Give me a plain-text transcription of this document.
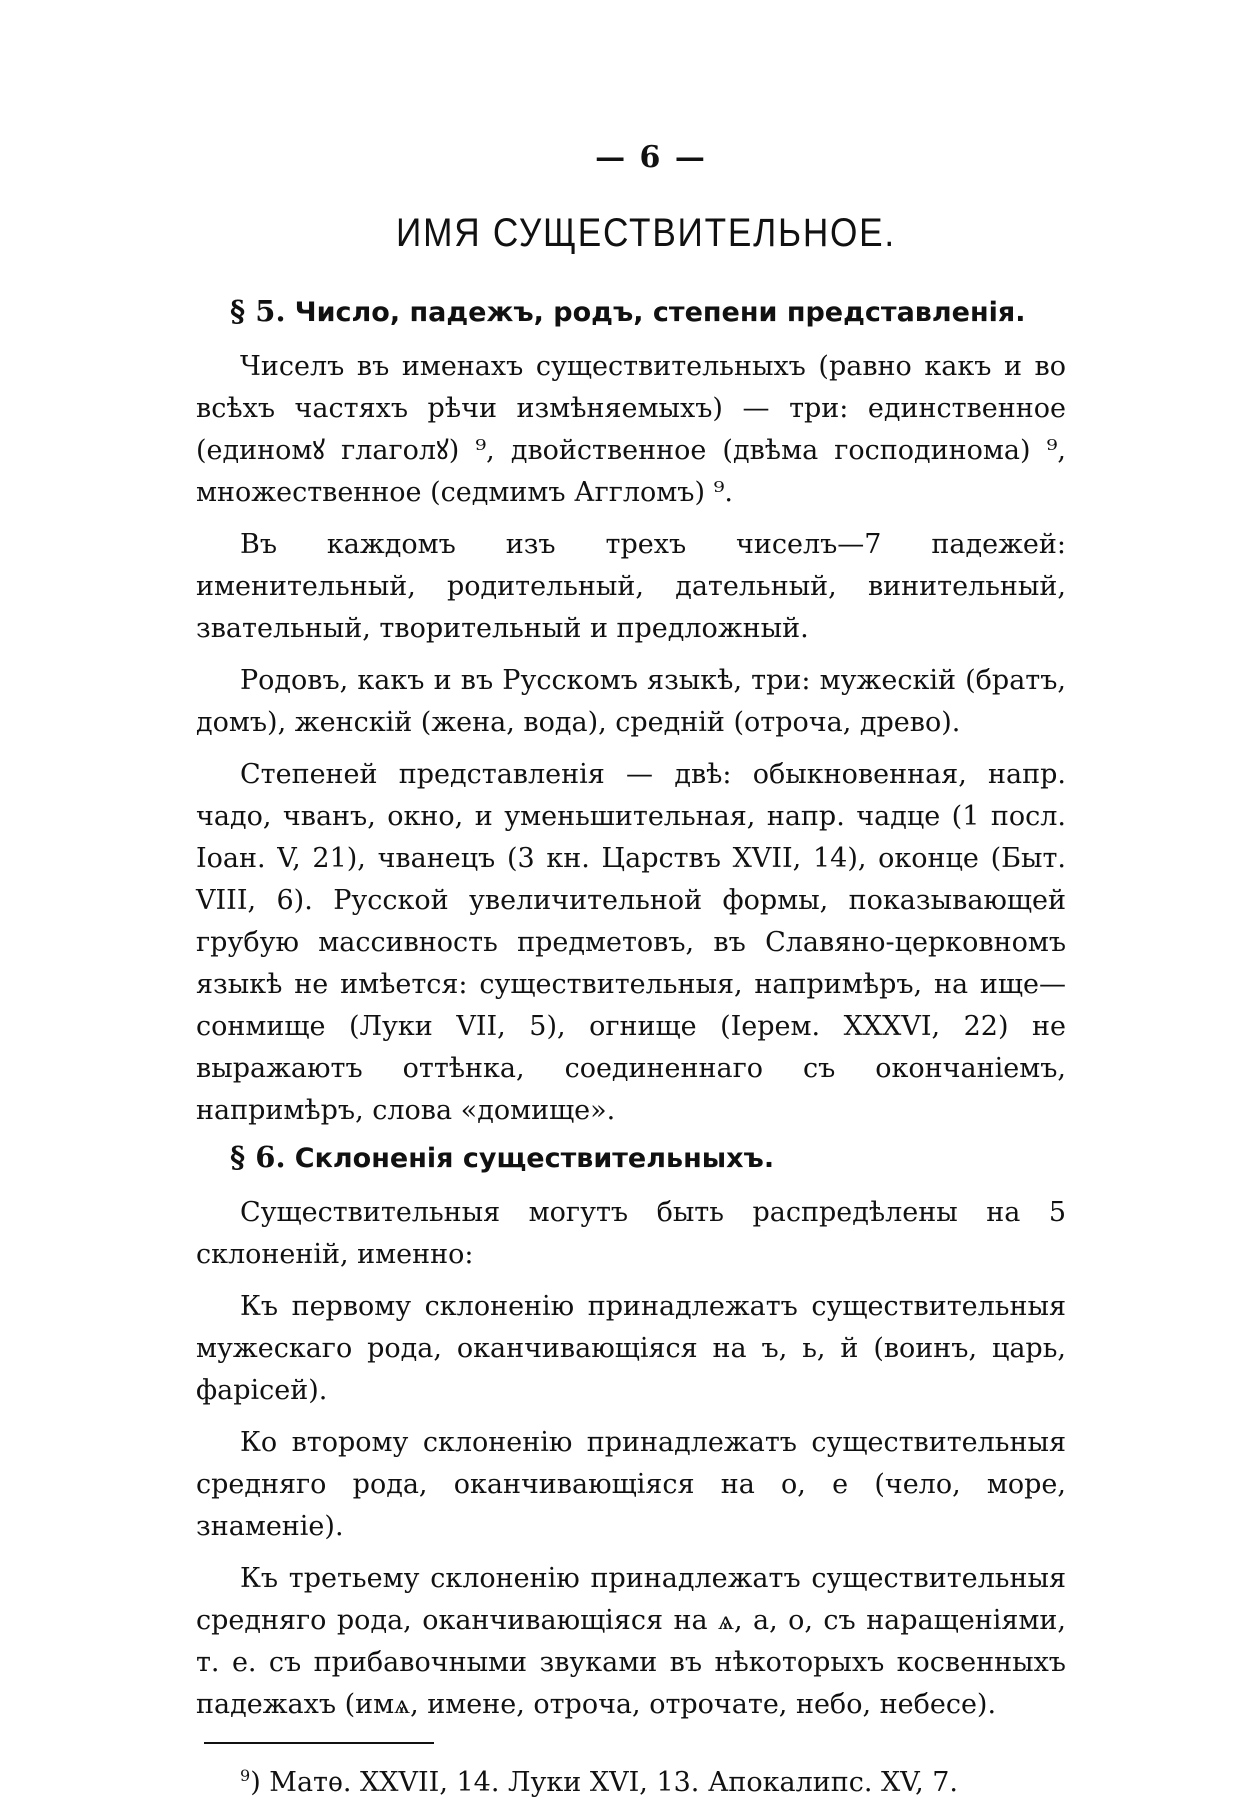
— 6 —
ИМЯ СУЩЕСТВИТЕЛЬНОЕ.
§ 5. Число, падежъ, родъ, степени представленія.

Чиселъ въ именахъ существительныхъ (равно какъ и во всѣхъ частяхъ рѣчи измѣняемыхъ) — три: единственное (единомꙋ глаголꙋ) ⁹, двойственное (двѣма господинома) ⁹, множественное (седмимъ Аггломъ) ⁹.

Въ каждомъ изъ трехъ чиселъ—7 падежей: именительный, родительный, дательный, винительный, звательный, творительный и предложный.

Родовъ, какъ и въ Русскомъ языкѣ, три: мужескій (братъ, домъ), женскій (жена, вода), средній (отроча, древо).

Степеней представленія — двѣ: обыкновенная, напр. чадо, чванъ, окно, и уменьшительная, напр. чадце (1 посл. Іоан. V, 21), чванецъ (3 кн. Царствъ XVII, 14), оконце (Быт. VIII, 6). Русской увеличительной формы, показывающей грубую массивность предметовъ, въ Славяно-церковномъ языкѣ не имѣется: существительныя, напримѣръ, на ище—сонмище (Луки VII, 5), огнище (Іерем. XXXVI, 22) не выражаютъ оттѣнка, соединеннаго съ окончаніемъ, напримѣръ, слова «домище».

§ 6. Склоненія существительныхъ.

Существительныя могутъ быть распредѣлены на 5 склоненій, именно:

Къ первому склоненію принадлежатъ существительныя мужескаго рода, оканчивающіяся на ъ, ь, й (воинъ, царь, фарісей).

Ко второму склоненію принадлежатъ существительныя средняго рода, оканчивающіяся на о, е (чело, море, знаменіе).

Къ третьему склоненію принадлежатъ существительныя средняго рода, оканчивающіяся на ѧ, а, о, съ наращеніями, т. е. съ прибавочными звуками въ нѣкоторыхъ косвенныхъ падежахъ (имѧ, имене, отроча, отрочате, небо, небесе).

$^9$) Матѳ. XXVII, 14. Луки XVI, 13. Апокалипс. XV, 7.
